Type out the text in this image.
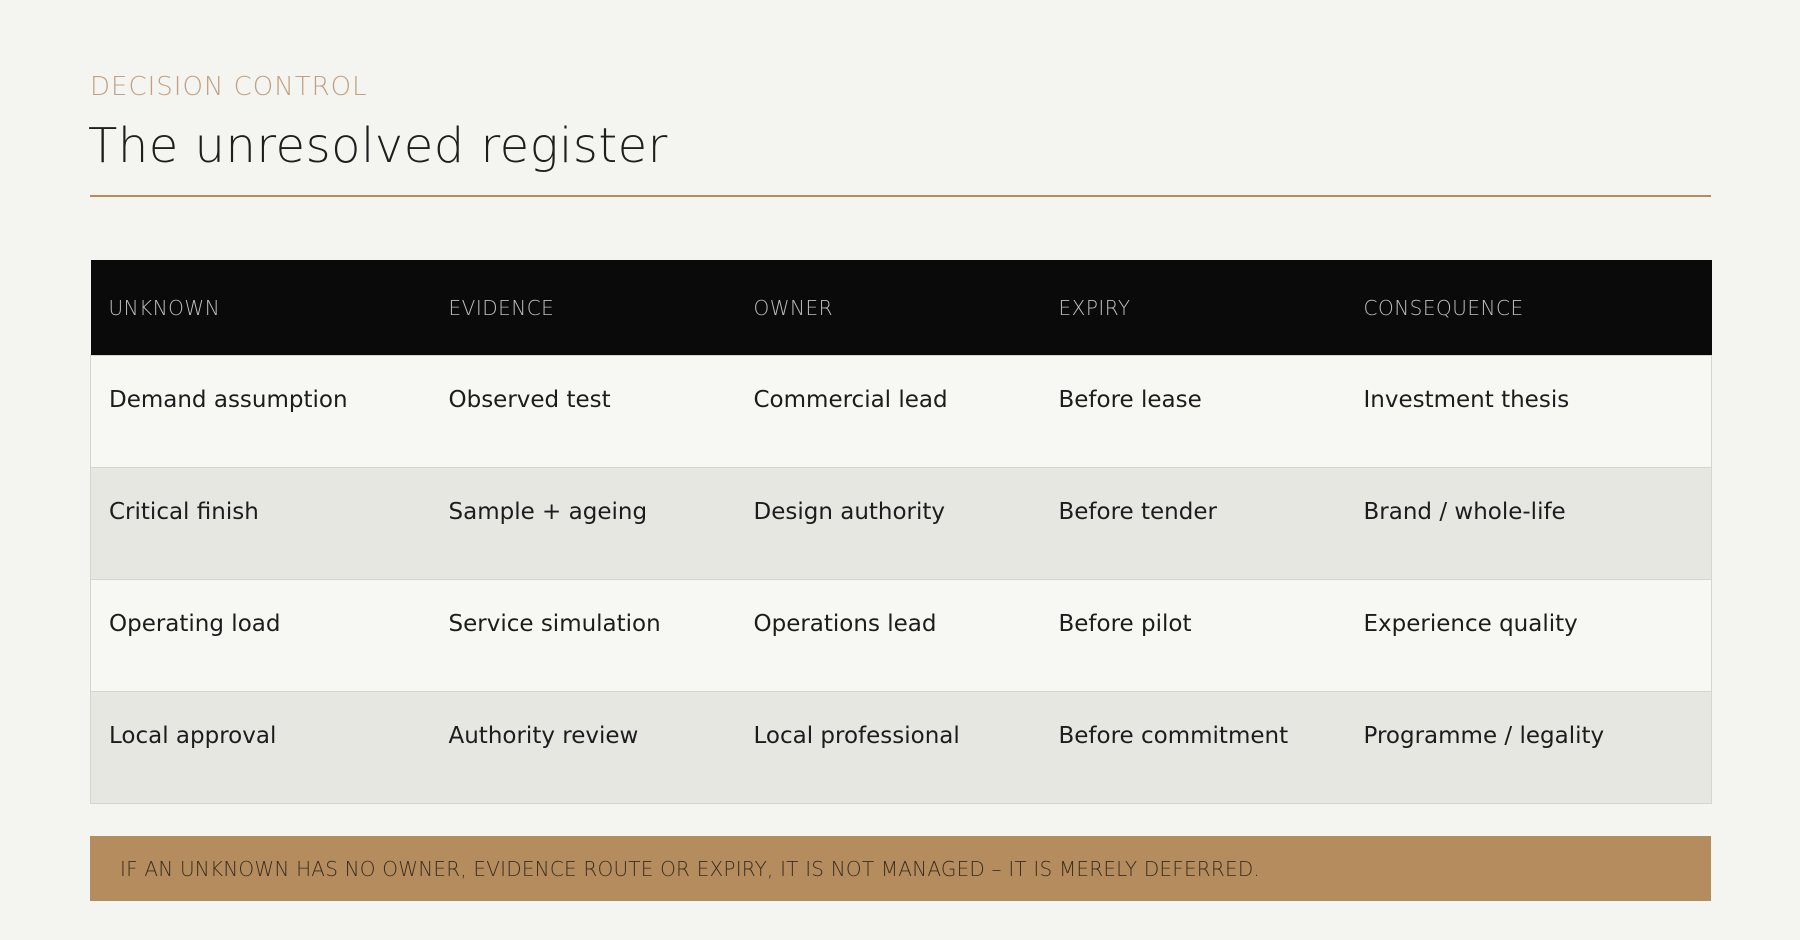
DECISION CONTROL
The unresolved register
UNKNOWN	EVIDENCE	OWNER	EXPIRY	CONSEQUENCE
Demand assumption	Observed test	Commercial lead	Before lease	Investment thesis
Critical finish	Sample + ageing	Design authority	Before tender	Brand / whole-life
Operating load	Service simulation	Operations lead	Before pilot	Experience quality
Local approval	Authority review	Local professional	Before commitment	Programme / legality
IF AN UNKNOWN HAS NO OWNER, EVIDENCE ROUTE OR EXPIRY, IT IS NOT MANAGED – IT IS MERELY DEFERRED.
